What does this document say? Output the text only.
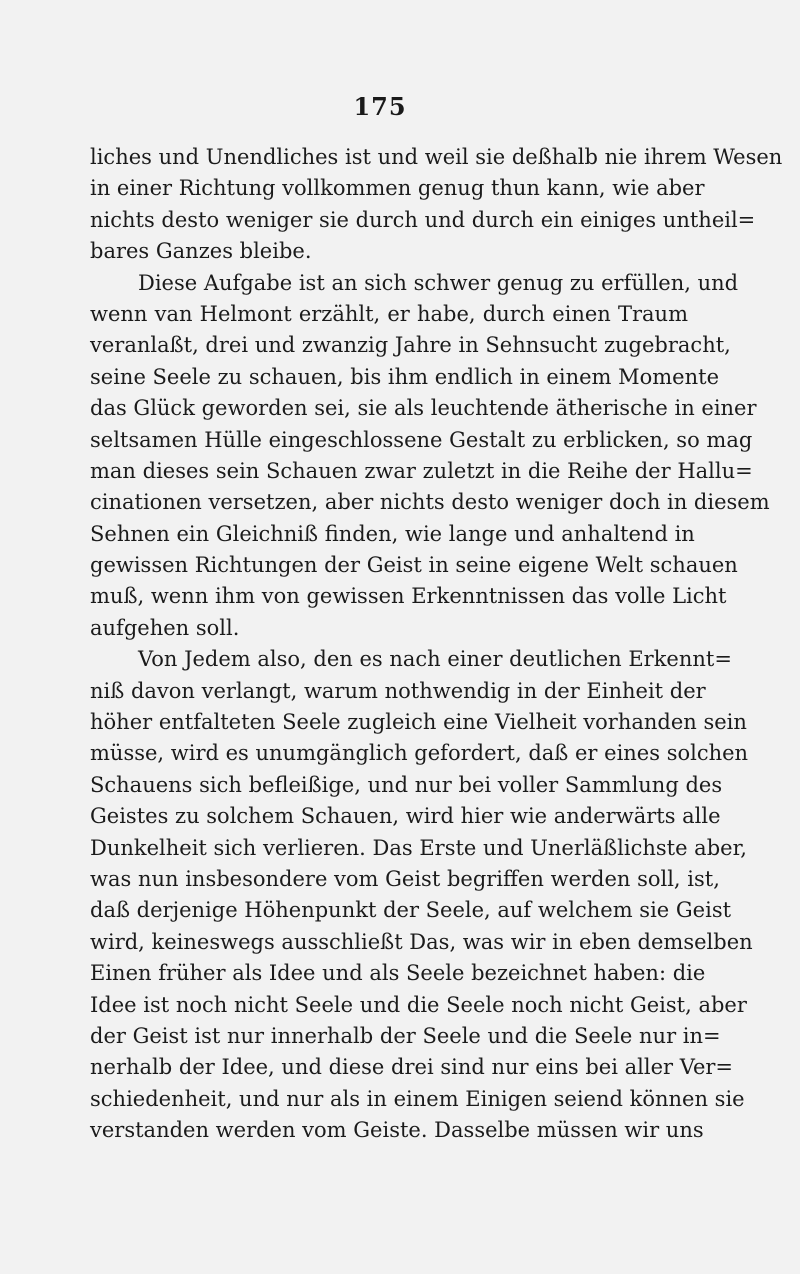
175
liches und Unendliches ist und weil sie deßhalb nie ihrem Wesen
in einer Richtung vollkommen genug thun kann, wie aber
nichts desto weniger sie durch und durch ein einiges untheil=
bares Ganzes bleibe.
Diese Aufgabe ist an sich schwer genug zu erfüllen, und
wenn van Helmont erzählt, er habe, durch einen Traum
veranlaßt, drei und zwanzig Jahre in Sehnsucht zugebracht,
seine Seele zu schauen, bis ihm endlich in einem Momente
das Glück geworden sei, sie als leuchtende ätherische in einer
seltsamen Hülle eingeschlossene Gestalt zu erblicken, so mag
man dieses sein Schauen zwar zuletzt in die Reihe der Hallu=
cinationen versetzen, aber nichts desto weniger doch in diesem
Sehnen ein Gleichniß finden, wie lange und anhaltend in
gewissen Richtungen der Geist in seine eigene Welt schauen
muß, wenn ihm von gewissen Erkenntnissen das volle Licht
aufgehen soll.
Von Jedem also, den es nach einer deutlichen Erkennt=
niß davon verlangt, warum nothwendig in der Einheit der
höher entfalteten Seele zugleich eine Vielheit vorhanden sein
müsse, wird es unumgänglich gefordert, daß er eines solchen
Schauens sich befleißige, und nur bei voller Sammlung des
Geistes zu solchem Schauen, wird hier wie anderwärts alle
Dunkelheit sich verlieren. Das Erste und Unerläßlichste aber,
was nun insbesondere vom Geist begriffen werden soll, ist,
daß derjenige Höhenpunkt der Seele, auf welchem sie Geist
wird, keineswegs ausschließt Das, was wir in eben demselben
Einen früher als Idee und als Seele bezeichnet haben: die
Idee ist noch nicht Seele und die Seele noch nicht Geist, aber
der Geist ist nur innerhalb der Seele und die Seele nur in=
nerhalb der Idee, und diese drei sind nur eins bei aller Ver=
schiedenheit, und nur als in einem Einigen seiend können sie
verstanden werden vom Geiste. Dasselbe müssen wir uns
